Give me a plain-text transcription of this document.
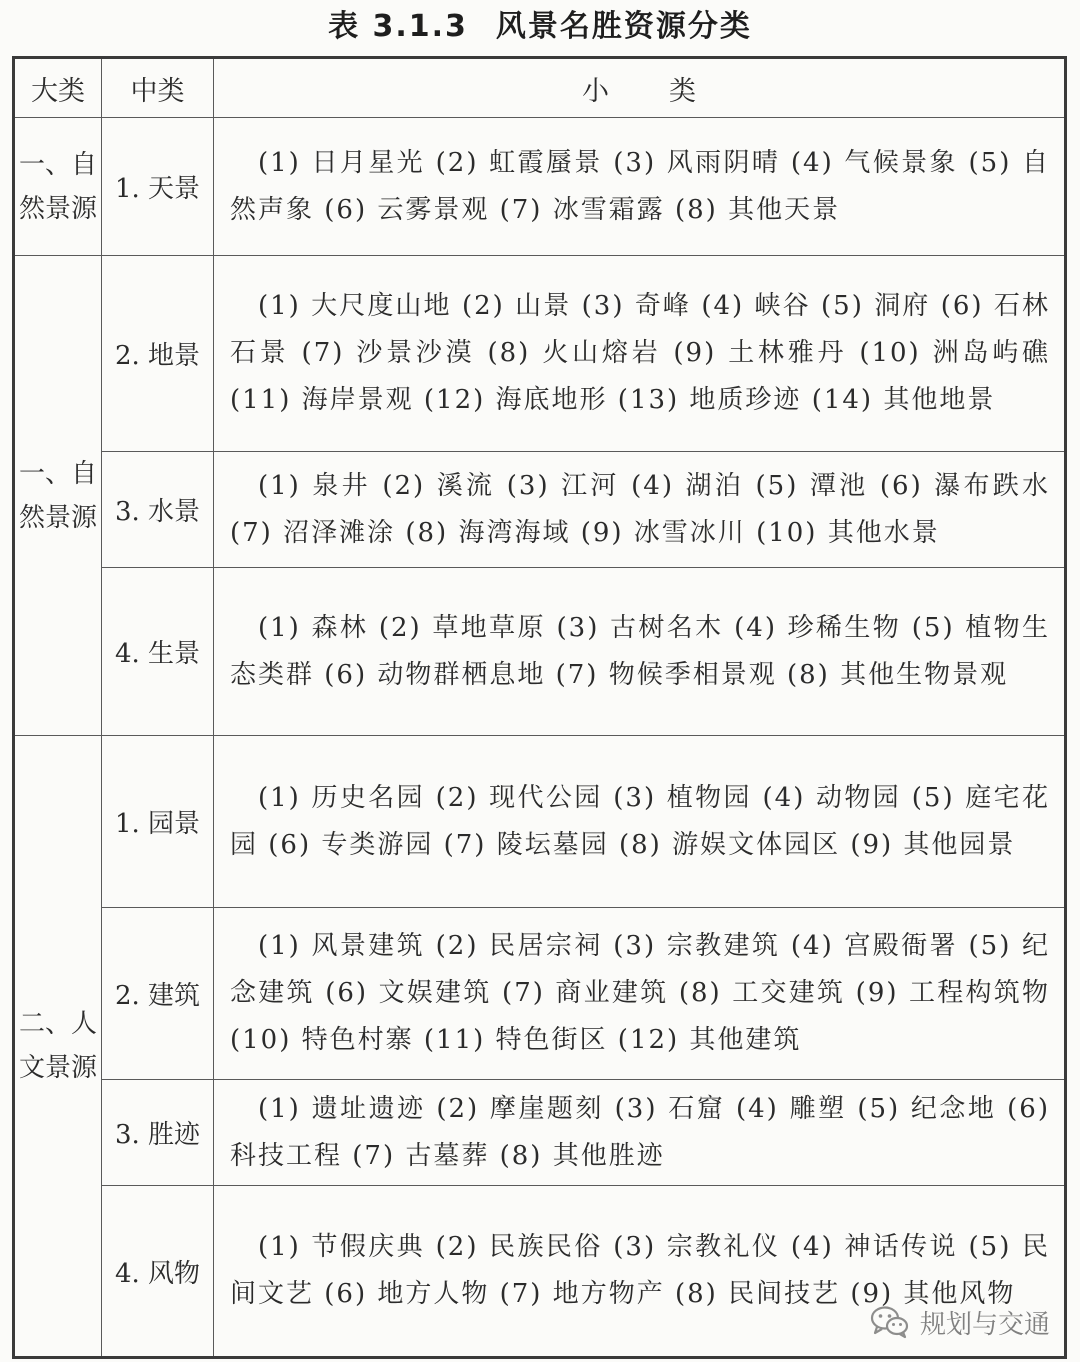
表 3.1.3 风景名胜资源分类
大类	中类	小类
一、自然景源	1. 天景	(1) 日月星光 (2) 虹霞蜃景 (3) 风雨阴晴 (4) 气候景象 (5) 自然声象 (6) 云雾景观 (7) 冰雪霜露 (8) 其他天景

一、自然景源	2. 地景	(1) 大尺度山地 (2) 山景 (3) 奇峰 (4) 峡谷 (5) 洞府 (6) 石林石景 (7) 沙景沙漠 (8) 火山熔岩 (9) 土林雅丹 (10) 洲岛屿礁 (11) 海岸景观 (12) 海底地形 (13) 地质珍迹 (14) 其他地景

	3. 水景	(1) 泉井 (2) 溪流 (3) 江河 (4) 湖泊 (5) 潭池 (6) 瀑布跌水 (7) 沼泽滩涂 (8) 海湾海域 (9) 冰雪冰川 (10) 其他水景

	4. 生景	(1) 森林 (2) 草地草原 (3) 古树名木 (4) 珍稀生物 (5) 植物生态类群 (6) 动物群栖息地 (7) 物候季相景观 (8) 其他生物景观

二、人文景源	1. 园景	(1) 历史名园 (2) 现代公园 (3) 植物园 (4) 动物园 (5) 庭宅花园 (6) 专类游园 (7) 陵坛墓园 (8) 游娱文体园区 (9) 其他园景

	2. 建筑	(1) 风景建筑 (2) 民居宗祠 (3) 宗教建筑 (4) 宫殿衙署 (5) 纪念建筑 (6) 文娱建筑 (7) 商业建筑 (8) 工交建筑 (9) 工程构筑物 (10) 特色村寨 (11) 特色街区 (12) 其他建筑

	3. 胜迹	(1) 遗址遗迹 (2) 摩崖题刻 (3) 石窟 (4) 雕塑 (5) 纪念地 (6) 科技工程 (7) 古墓葬 (8) 其他胜迹

	4. 风物	(1) 节假庆典 (2) 民族民俗 (3) 宗教礼仪 (4) 神话传说 (5) 民间文艺 (6) 地方人物 (7) 地方物产 (8) 民间技艺 (9) 其他风物
规划与交通
